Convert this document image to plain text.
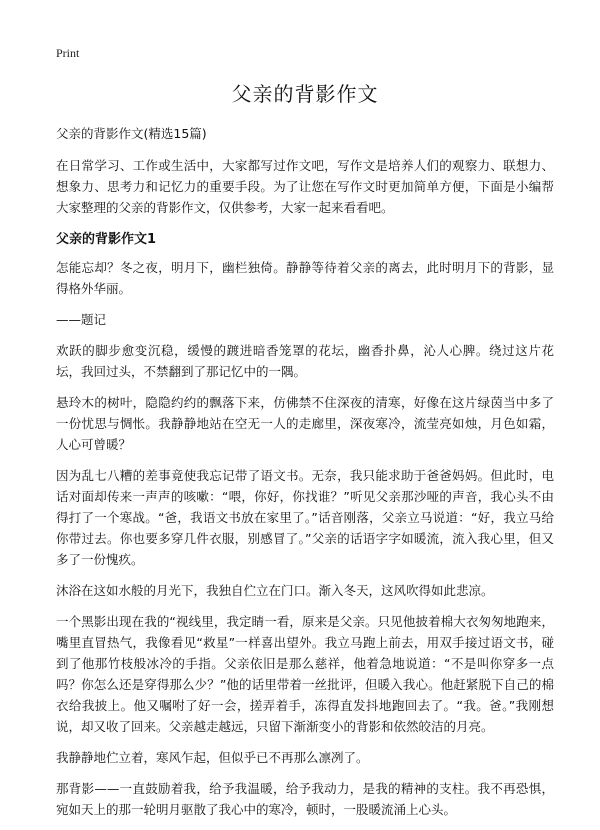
Print
父亲的背影作文
父亲的背影作文(精选15篇)

在日常学习、工作或生活中，大家都写过作文吧，写作文是培养人们的观察力、联想力、想象力、思考力和记忆力的重要手段。为了让您在写作文时更加简单方便，下面是小编帮大家整理的父亲的背影作文，仅供参考，大家一起来看看吧。

父亲的背影作文1

怎能忘却？冬之夜，明月下，幽栏独倚。静静等待着父亲的离去，此时明月下的背影，显得格外华丽。

——题记

欢跃的脚步愈变沉稳，缓慢的踱进暗香笼罩的花坛，幽香扑鼻，沁人心脾。绕过这片花坛，我回过头，不禁翻到了那记忆中的一隅。

悬玲木的树叶，隐隐约约的飘落下来，仿佛禁不住深夜的清寒，好像在这片绿茵当中多了一份忧思与惆怅。我静静地站在空无一人的走廊里，深夜寒冷，流莹亮如烛，月色如霜，人心可曾暖？

因为乱七八糟的差事竟使我忘记带了语文书。无奈，我只能求助于爸爸妈妈。但此时，电话对面却传来一声声的咳嗽：“喂，你好，你找谁？”听见父亲那沙哑的声音，我心头不由得打了一个寒战。“爸，我语文书放在家里了。”话音刚落，父亲立马说道：“好，我立马给你带过去。你也要多穿几件衣服，别感冒了。”父亲的话语字字如暖流，流入我心里，但又多了一份愧疚。

沐浴在这如水般的月光下，我独自伫立在门口。渐入冬天，这风吹得如此悲凉。

一个黑影出现在我的“视线里，我定睛一看，原来是父亲。只见他披着棉大衣匆匆地跑来，嘴里直冒热气，我像看见“救星”一样喜出望外。我立马跑上前去，用双手接过语文书，碰到了他那竹枝般冰冷的手指。父亲依旧是那么慈祥，他着急地说道：“不是叫你穿多一点吗？你怎么还是穿得那么少？”他的话里带着一丝批评，但暖入我心。他赶紧脱下自己的棉衣给我披上。他又嘱咐了好一会，搓弄着手，冻得直发抖地跑回去了。“我。爸。”我刚想说，却又收了回来。父亲越走越远，只留下渐渐变小的背影和依然皎洁的月亮。

我静静地伫立着，寒风乍起，但似乎已不再那么凛冽了。

那背影——一直鼓励着我，给予我温暖，给予我动力，是我的精神的支柱。我不再恐惧，宛如天上的那一轮明月驱散了我心中的寒冷，顿时，一股暖流涌上心头。
